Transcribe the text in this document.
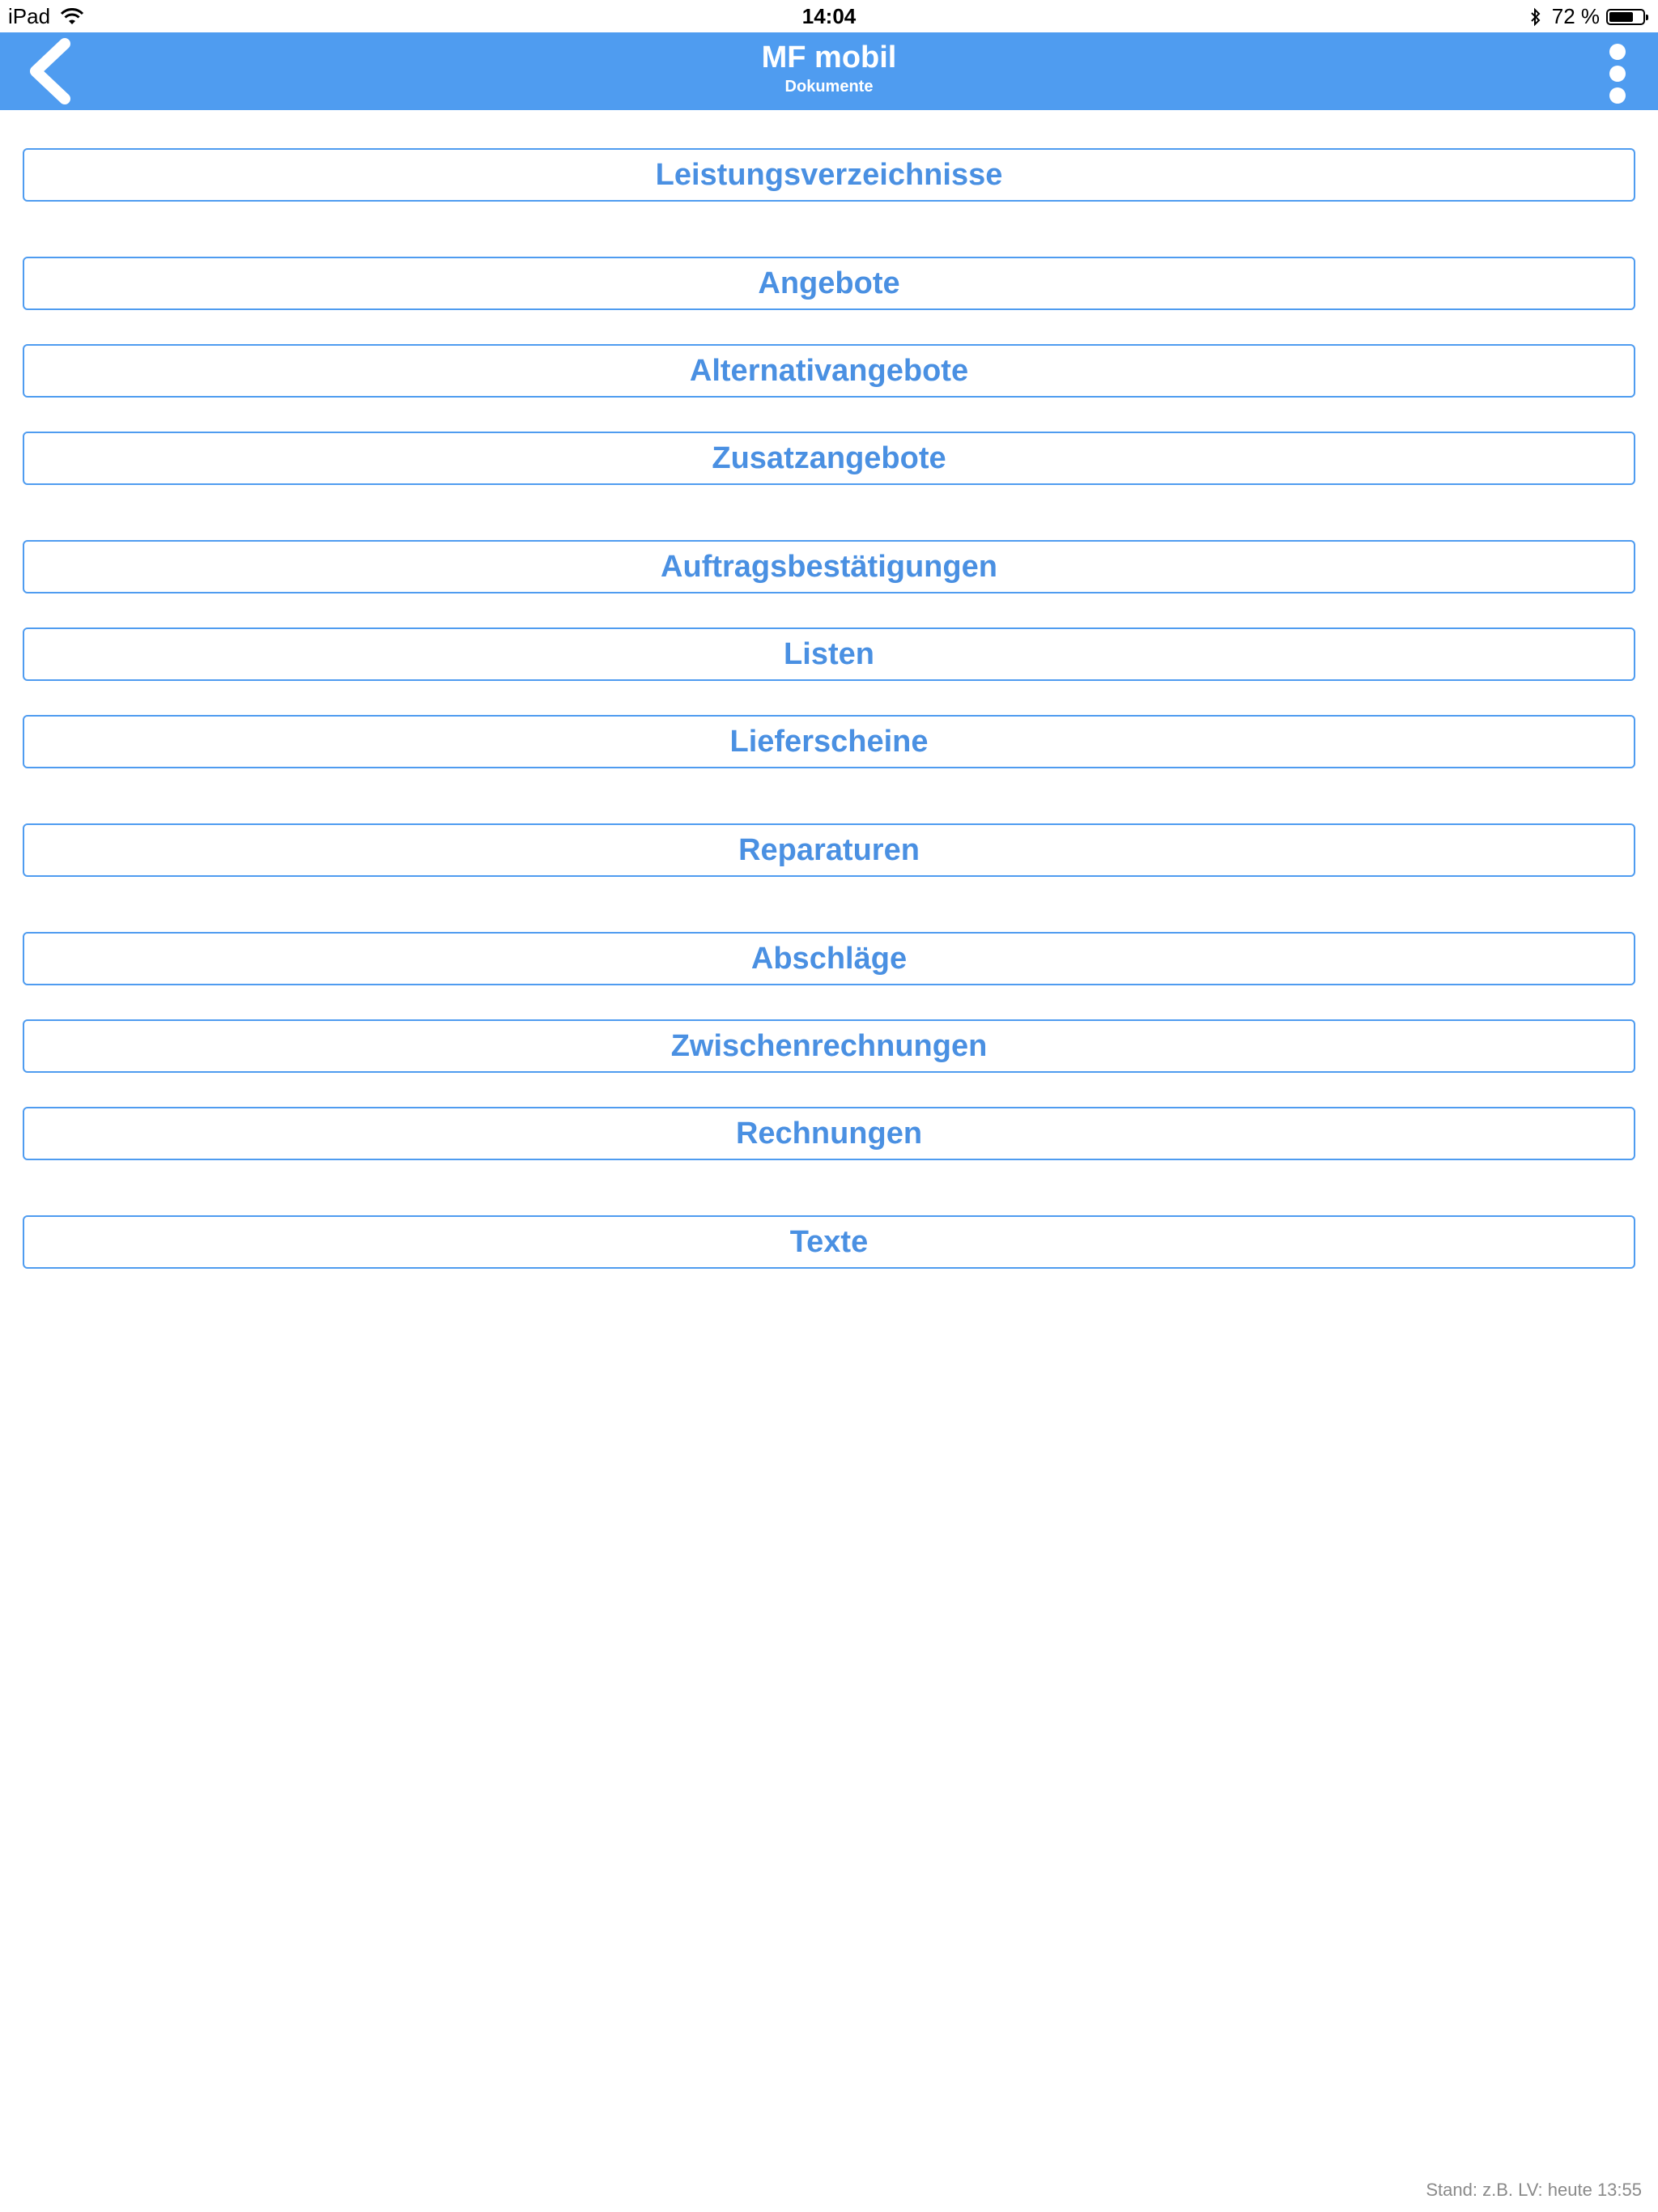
iPad	14:04	72 %
MF mobil
Dokumente
Leistungsverzeichnisse
Angebote
Alternativangebote
Zusatzangebote
Auftragsbestätigungen
Listen
Lieferscheine
Reparaturen
Abschläge
Zwischenrechnungen
Rechnungen
Texte
Stand: z.B. LV: heute 13:55
